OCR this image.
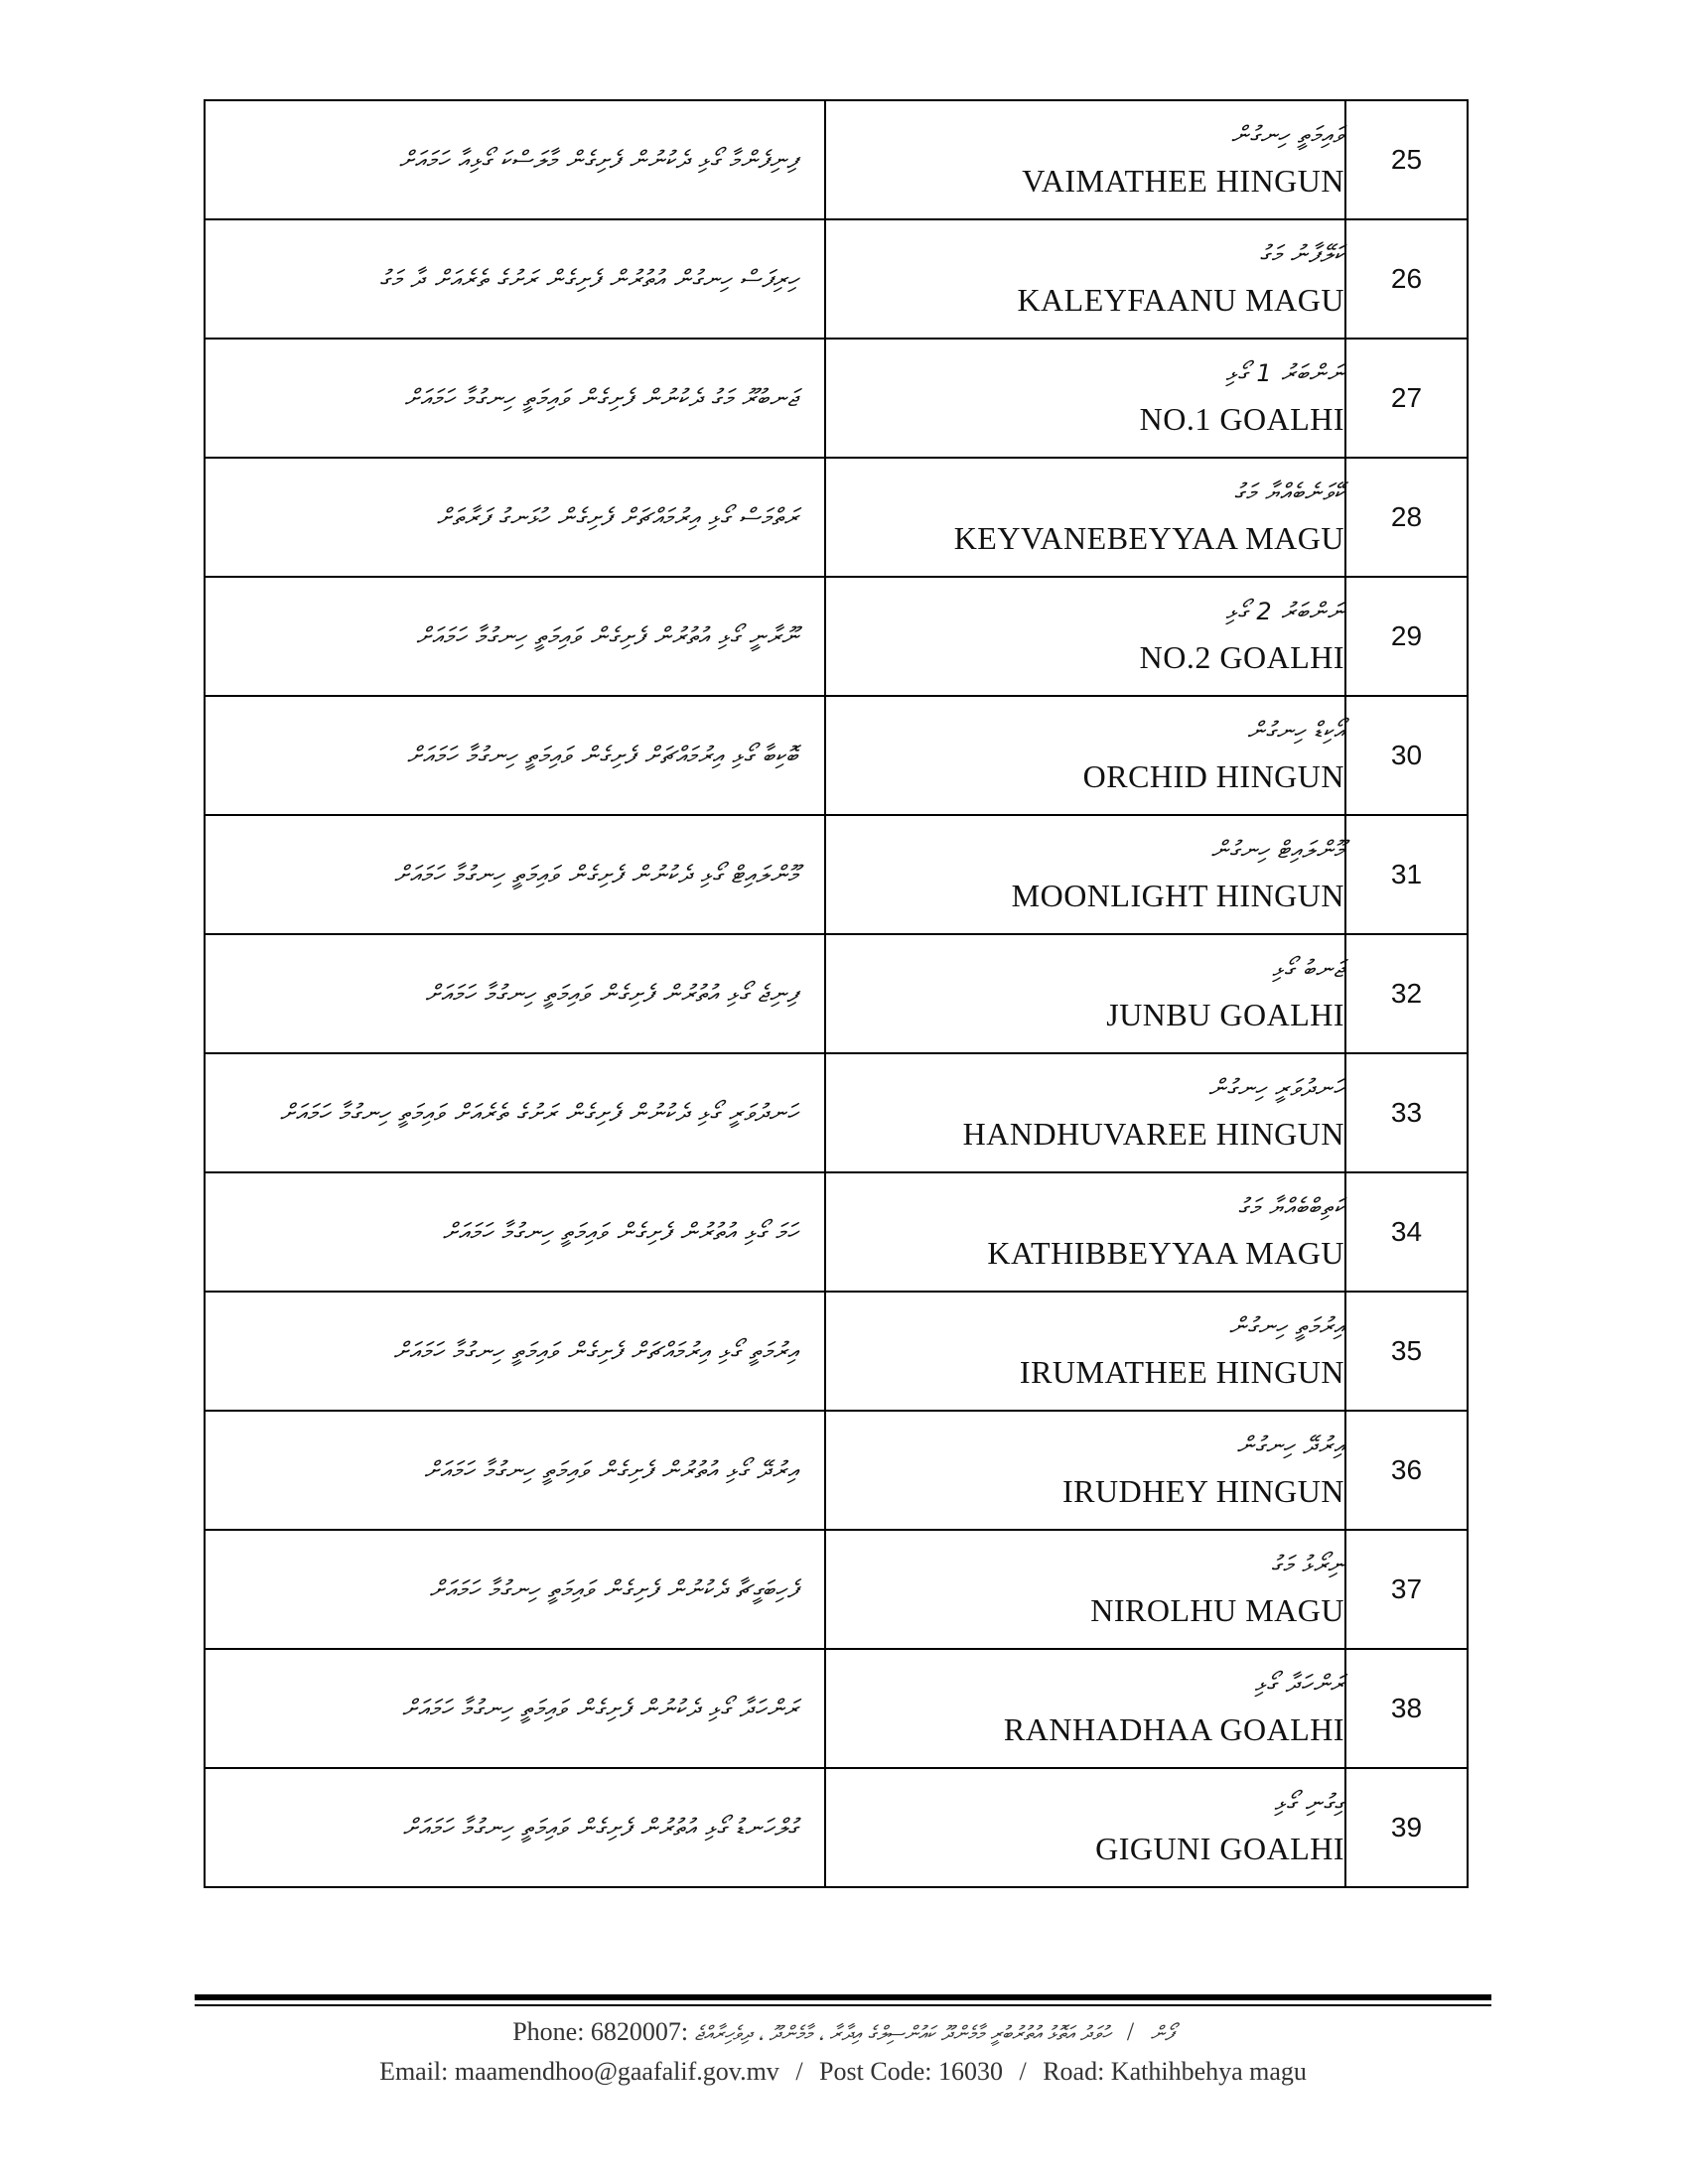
ފިނިފެންމާ ގޯޅި ދެކުނުން ފެށިގެން މާލަސްކަ ގޯޅިއާ ހަމައަށް	ވައިމަތީ ހިނގުން
VAIMATHEE HINGUN	25

ހިރިފަސް ހިނގުން އުތުރުން ފެށިގެން ރަށުގެ ތެރެއަށް ދާ މަގު	ކަލޭފާނު މަގު
KALEYFAANU MAGU	26

ޖަނބުރޫ މަގު ދެކުނުން ފެށިގެން ވައިމަތީ ހިނގުމާ ހަމައަށް	ނަންބަރު 1 ގޯޅި
NO.1 GOALHI	27

ރަތްމަސް ގޯޅި އިރުމައްޗަށް ފެށިގެން ހުޅަނގު ފަރާތަށް	ކޭވަނެބެއްޔާ މަގު
KEYVANEBEYYAA MAGU	28

ނޫރާނީ ގޯޅި އުތުރުން ފެށިގެން ވައިމަތީ ހިނގުމާ ހަމައަށް	ނަންބަރު 2 ގޯޅި
NO.2 GOALHI	29

ބޮކިބާ ގޯޅި އިރުމައްޗަށް ފެށިގެން ވައިމަތީ ހިނގުމާ ހަމައަށް	އޯކިޑް ހިނގުން
ORCHID HINGUN	30

މޫންލައިޓް ގޯޅި ދެކުނުން ފެށިގެން ވައިމަތީ ހިނގުމާ ހަމައަށް	މޫންލައިޓް ހިނގުން
MOONLIGHT HINGUN	31

ފިނިޖެ ގޯޅި އުތުރުން ފެށިގެން ވައިމަތީ ހިނގުމާ ހަމައަށް	ޖަނބު ގޯޅި
JUNBU GOALHI	32

ހަނދުވަރީ ގޯޅި ދެކުނުން ފެށިގެން ރަށުގެ ތެރެއަށް ވައިމަތީ ހިނގުމާ ހަމައަށް	ހަނދުވަރީ ހިނގުން
HANDHUVAREE HINGUN	33

ހަމަ ގޯޅި އުތުރުން ފެށިގެން ވައިމަތީ ހިނގުމާ ހަމައަށް	ކަތިބްބެއްޔާ މަގު
KATHIBBEYYAA MAGU	34

އިރުމަތީ ގޯޅި އިރުމައްޗަށް ފެށިގެން ވައިމަތީ ހިނގުމާ ހަމައަށް	އިރުމަތީ ހިނގުން
IRUMATHEE HINGUN	35

އިރުދޭ ގޯޅި އުތުރުން ފެށިގެން ވައިމަތީ ހިނގުމާ ހަމައަށް	އިރުދޭ ހިނގުން
IRUDHEY HINGUN	36

ފެހިބަގީޗާ ދެކުނުން ފެށިގެން ވައިމަތީ ހިނގުމާ ހަމައަށް	ނިރޯޅު މަގު
NIROLHU MAGU	37

ރަންހަދާ ގޯޅި ދެކުނުން ފެށިގެން ވައިމަތީ ހިނގުމާ ހަމައަށް	ރަންހަދާ ގޯޅި
RANHADHAA GOALHI	38

ގުލްހަނޑު ގޯޅި އުތުރުން ފެށިގެން ވައިމަތީ ހިނގުމާ ހަމައަށް	ގިގުނި ގޯޅި
GIGUNI GOALHI	39
Phone: 6820007:	ފޯން / ހުވަދު އަތޮޅު އުތުރުބުރީ މާމެންދޫ ކައުންސިލްގެ އިދާރާ ، މާމެންދޫ ، ދިވެހިރާއްޖެ
Email: maamendhoo@gaafalif.gov.mv / Post Code: 16030 / Road: Kathihbehya magu
